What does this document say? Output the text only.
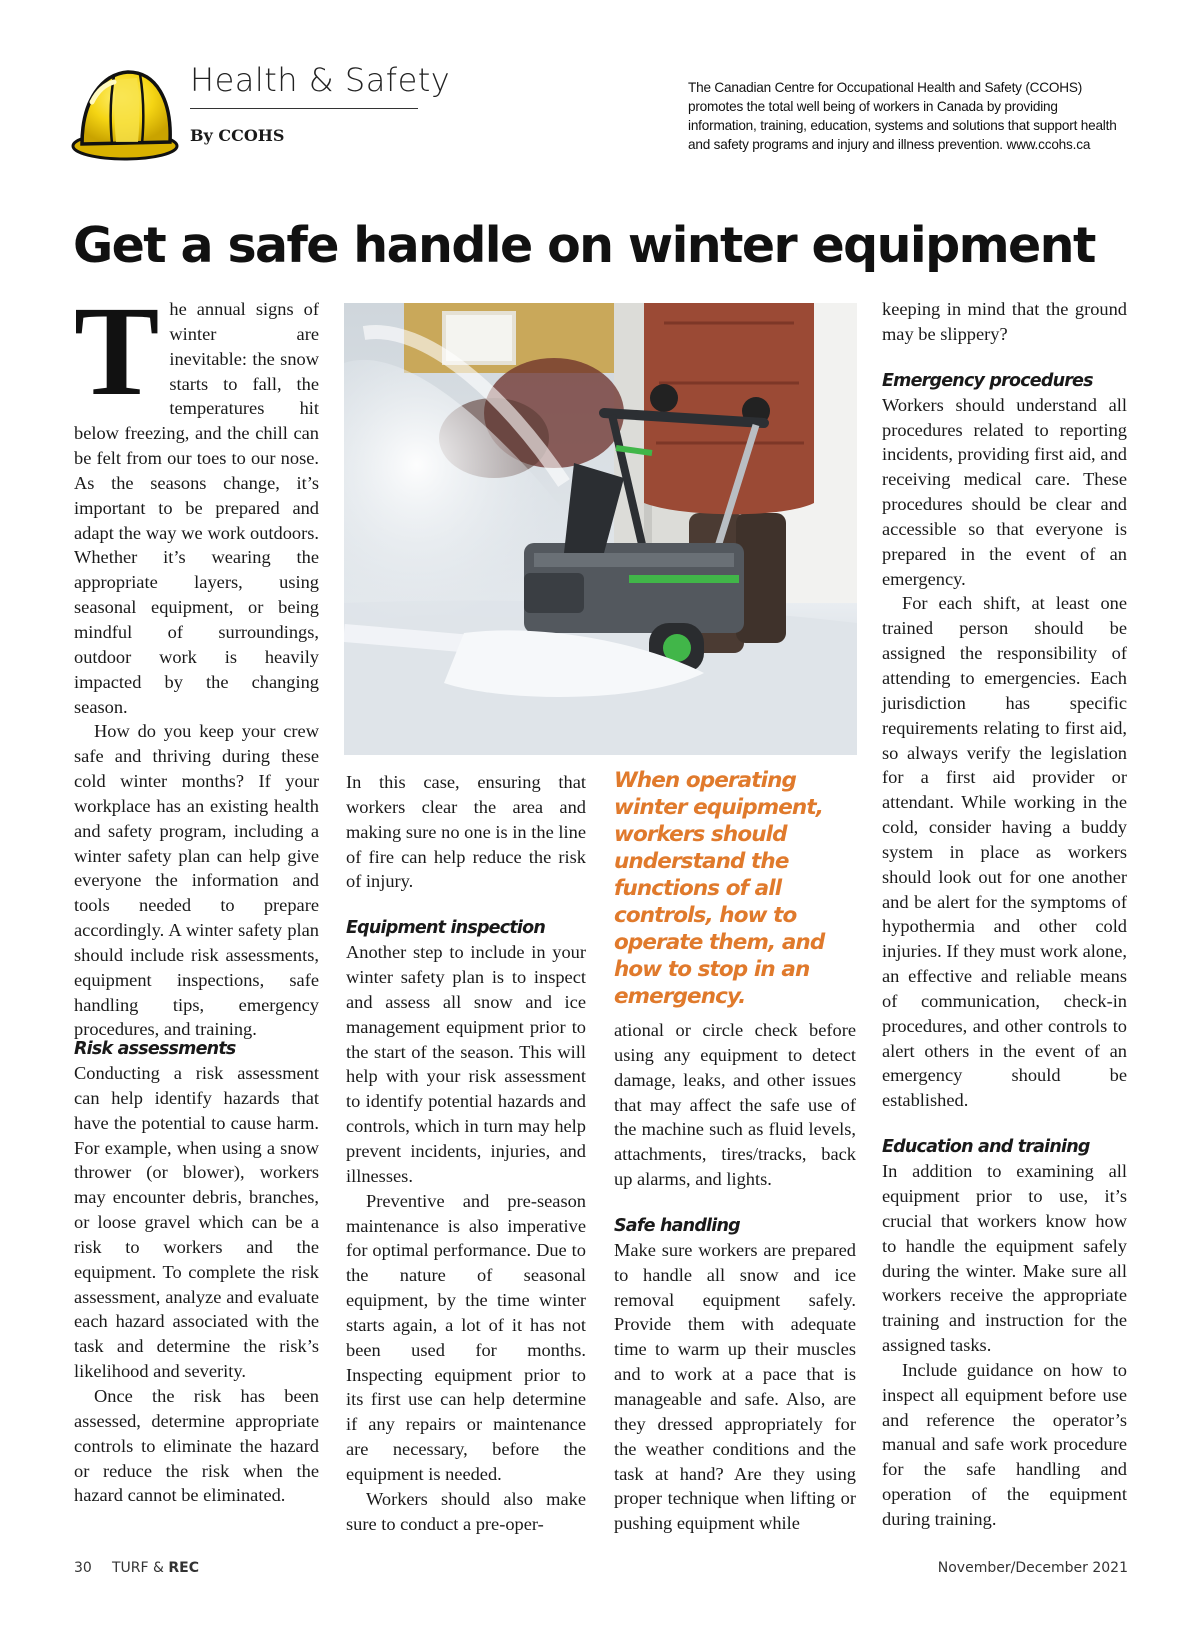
Health & Safety
By CCOHS
The Canadian Centre for Occupational Health and Safety (CCOHS) promotes the total well being of workers in Canada by providing information, training, education, systems and solutions that support health and safety programs and injury and illness prevention. www.ccohs.ca
Get a safe handle on winter equipment
T he annual signs of winter are inevitable: the snow starts to fall, the temperatures hit below freezing, and the chill can be felt from our toes to our nose. As the seasons change, it’s important to be prepared and adapt the way we work outdoors. Whether it’s wearing the appropriate layers, using seasonal equipment, or being mindful of surroundings, outdoor work is heavily impacted by the changing season.

How do you keep your crew safe and thriving during these cold winter months? If your workplace has an existing health and safety program, including a winter safety plan can help give everyone the information and tools needed to prepare accordingly. A winter safety plan should include risk assessments, equipment inspections, safe handling tips, emergency procedures, and training.

Risk assessments

Conducting a risk assessment can help identify hazards that have the potential to cause harm. For example, when using a snow thrower (or blower), workers may encounter debris, branches, or loose gravel which can be a risk to workers and the equipment. To complete the risk assessment, analyze and evaluate each hazard associated with the task and determine the risk’s likelihood and severity.

Once the risk has been assessed, determine appropriate controls to eliminate the hazard or reduce the risk when the hazard cannot be eliminated.

In this case, ensuring that workers clear the area and making sure no one is in the line of fire can help reduce the risk of injury.

Equipment inspection

Another step to include in your winter safety plan is to inspect and assess all snow and ice management equipment prior to the start of the season. This will help with your risk assessment to identify potential hazards and controls, which in turn may help prevent incidents, injuries, and illnesses.

Preventive and pre-season maintenance is also imperative for optimal performance. Due to the nature of seasonal equipment, by the time winter starts again, a lot of it has not been used for months. Inspecting equipment prior to its first use can help determine if any repairs or maintenance are necessary, before the equipment is needed.

Workers should also make sure to conduct a pre-oper-

When operating winter equipment, workers should understand the functions of all controls, how to operate them, and how to stop in an emergency.

ational or circle check before using any equipment to detect damage, leaks, and other issues that may affect the safe use of the machine such as fluid levels, attachments, tires/tracks, back up alarms, and lights.

Safe handling

Make sure workers are prepared to handle all snow and ice removal equipment safely. Provide them with adequate time to warm up their muscles and to work at a pace that is manageable and safe. Also, are they dressed appropriately for the weather conditions and the task at hand? Are they using proper technique when lifting or pushing equipment while

keeping in mind that the ground may be slippery?

Emergency procedures

Workers should understand all procedures related to reporting incidents, providing first aid, and receiving medical care. These procedures should be clear and accessible so that everyone is prepared in the event of an emergency.

For each shift, at least one trained person should be assigned the responsibility of attending to emergencies. Each jurisdiction has specific requirements relating to first aid, so always verify the legislation for a first aid provider or attendant. While working in the cold, consider having a buddy system in place as workers should look out for one another and be alert for the symptoms of hypothermia and other cold injuries. If they must work alone, an effective and reliable means of communication, check-in procedures, and other controls to alert others in the event of an emergency should be established.

Education and training

In addition to examining all equipment prior to use, it’s crucial that workers know how to handle the equipment safely during the winter. Make sure all workers receive the appropriate training and instruction for the assigned tasks.

Include guidance on how to inspect all equipment before use and reference the operator’s manual and safe work procedure for the safe handling and operation of the equipment during training.

30 TURF & REC	November/December 2021
